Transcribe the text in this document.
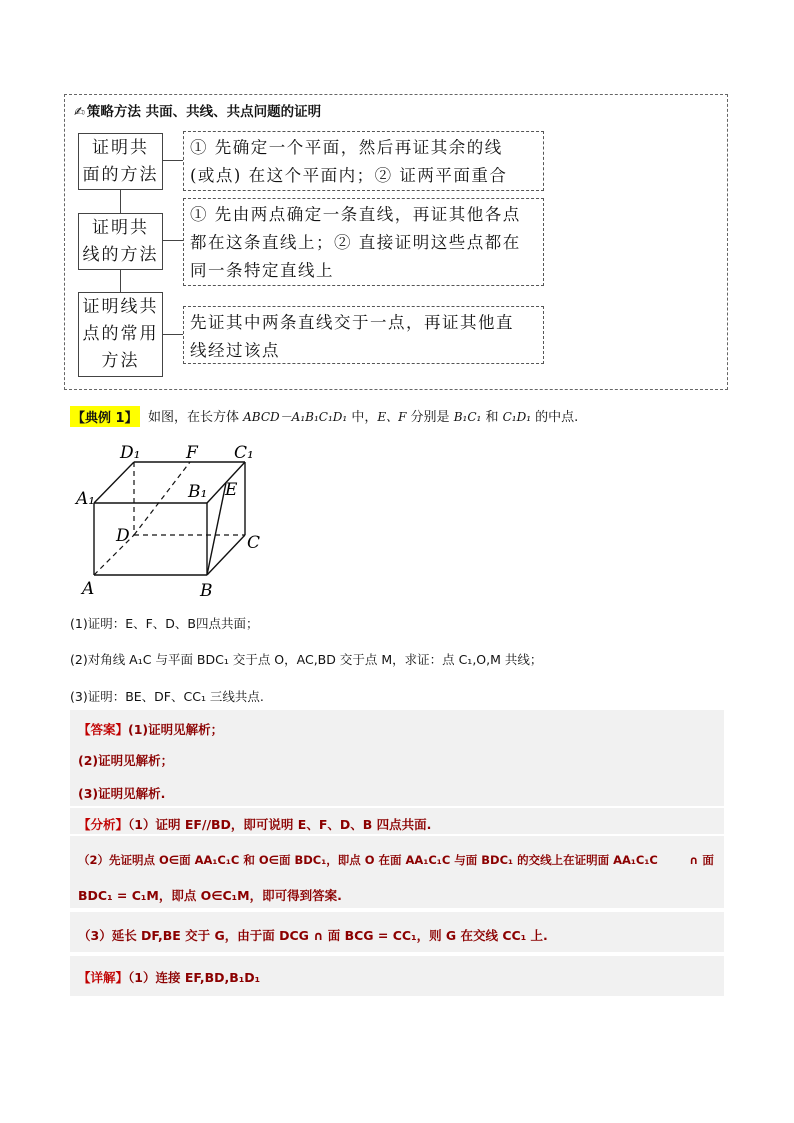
✍ 策略方法 共面、共线、共点问题的证明
证明共
面的方法
① 先确定一个平面，然后再证其余的线
(或点) 在这个平面内；② 证两平面重合
证明共
线的方法
① 先由两点确定一条直线，再证其他各点
都在这条直线上；② 直接证明这些点都在
同一条特定直线上
证明线共
点的常用
方法
先证其中两条直线交于一点，再证其他直
线经过该点
【典例 1】 如图，在长方体 ABCD－A₁B₁C₁D₁ 中，E、F 分别是 B₁C₁ 和 C₁D₁ 的中点.
D₁	F C₁
A₁	B₁ E
D	C
A	B
(1)证明：E、F、D、B四点共面；
(2)对角线 A₁C 与平面 BDC₁ 交于点 O，AC,BD 交于点 M，求证：点 C₁,O,M 共线；
(3)证明：BE、DF、CC₁ 三线共点.
【答案】(1)证明见解析；
(2)证明见解析；
(3)证明见解析.
【分析】（1）证明 EF//BD，即可说明 E、F、D、B 四点共面.
（2）先证明点 O∈面 AA₁C₁C 和 O∈面 BDC₁，即点 O 在面 AA₁C₁C 与面 BDC₁ 的交线上在证明面 AA₁C₁C	∩ 面
BDC₁ = C₁M，即点 O∈C₁M，即可得到答案.
（3）延长 DF,BE 交于 G，由于面 DCG ∩ 面 BCG = CC₁，则 G 在交线 CC₁ 上.
【详解】（1）连接 EF,BD,B₁D₁
